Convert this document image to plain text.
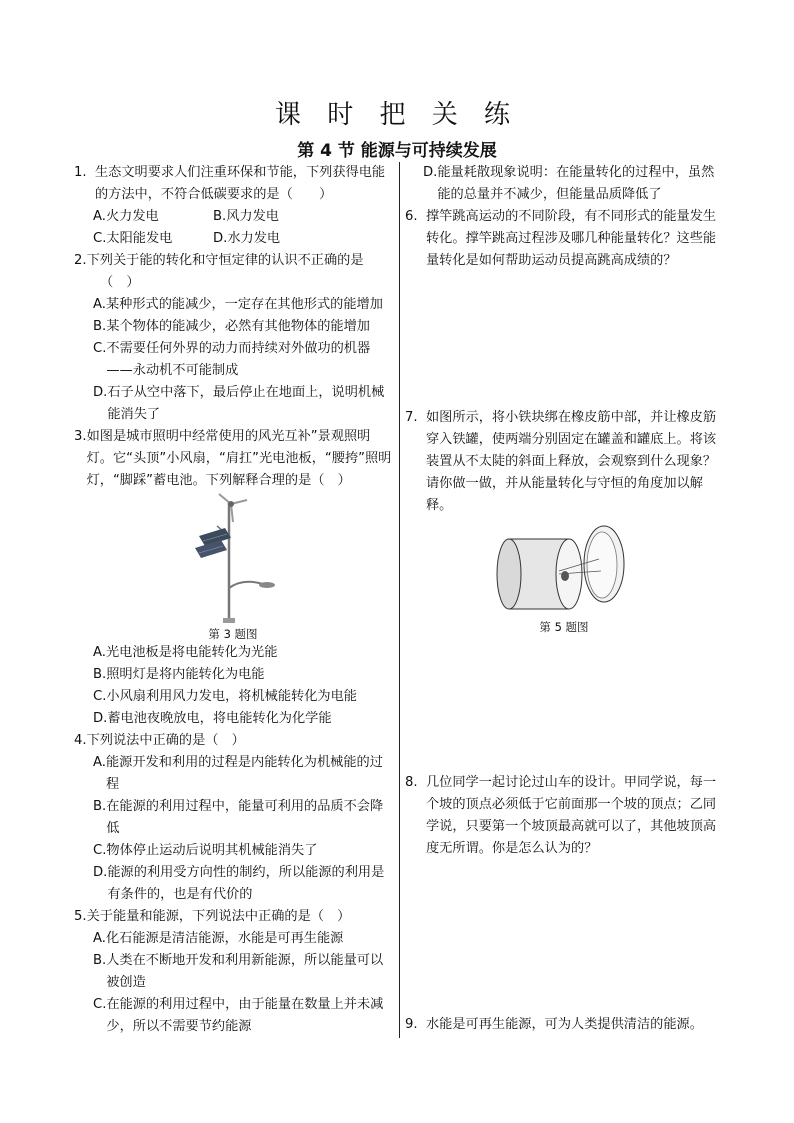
课 时 把 关 练
第 4 节 能源与可持续发展
1. 生态文明要求人们注重环保和节能，下列获得电能的方法中，不符合低碳要求的是（　　）
A.火力发电	B.风力发电
C.太阳能发电	D.水力发电
2. 下列关于能的转化和守恒定律的认识不正确的是
（　）
A. 某种形式的能减少，一定存在其他形式的能增加
B. 某个物体的能减少，必然有其他物体的能增加
C. 不需要任何外界的动力而持续对外做功的机器——永动机不可能制成
D. 石子从空中落下，最后停止在地面上，说明机械能消失了
3. 如图是城市照明中经常使用的风光互补”景观照明灯。它“头顶”小风扇，“肩扛”光电池板，“腰挎”照明灯，“脚踩”蓄电池。下列解释合理的是（　）
第 3 题图
A. 光电池板是将电能转化为光能
B. 照明灯是将内能转化为电能
C. 小风扇利用风力发电，将机械能转化为电能
D. 蓄电池夜晚放电，将电能转化为化学能
4. 下列说法中正确的是（　）
A. 能源开发和利用的过程是内能转化为机械能的过程
B. 在能源的利用过程中，能量可利用的品质不会降低
C. 物体停止运动后说明其机械能消失了
D. 能源的利用受方向性的制约，所以能源的利用是有条件的，也是有代价的
5. 关于能量和能源，下列说法中正确的是（　）
A. 化石能源是清洁能源，水能是可再生能源
B. 人类在不断地开发和利用新能源，所以能量可以被创造
C. 在能源的利用过程中，由于能量在数量上并未减少，所以不需要节约能源
D. 能量耗散现象说明：在能量转化的过程中，虽然能的总量并不减少，但能量品质降低了
6. 撑竿跳高运动的不同阶段，有不同形式的能量发生转化。撑竿跳高过程涉及哪几种能量转化？这些能量转化是如何帮助运动员提高跳高成绩的？
7. 如图所示，将小铁块绑在橡皮筋中部，并让橡皮筋穿入铁罐，使两端分别固定在罐盖和罐底上。将该装置从不太陡的斜面上释放，会观察到什么现象？请你做一做，并从能量转化与守恒的角度加以解释。
第 5 题图
8. 几位同学一起讨论过山车的设计。甲同学说，每一个坡的顶点必须低于它前面那一个坡的顶点；乙同学说，只要第一个坡顶最高就可以了，其他坡顶高度无所谓。你是怎么认为的？
9. 水能是可再生能源，可为人类提供清洁的能源。
